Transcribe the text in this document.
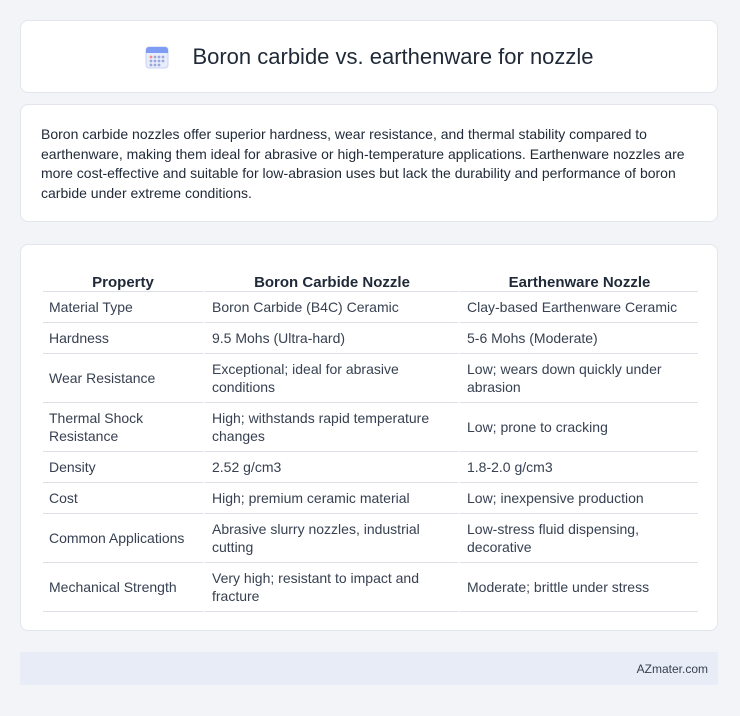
Boron carbide vs. earthenware for nozzle

Boron carbide nozzles offer superior hardness, wear resistance, and thermal stability compared to earthenware, making them ideal for abrasive or high-temperature applications. Earthenware nozzles are more cost-effective and suitable for low-abrasion uses but lack the durability and performance of boron carbide under extreme conditions.

Property	Boron Carbide Nozzle	Earthenware Nozzle
Material Type	Boron Carbide (B4C) Ceramic	Clay-based Earthenware Ceramic
Hardness	9.5 Mohs (Ultra-hard)	5-6 Mohs (Moderate)
Wear Resistance	Exceptional; ideal for abrasive conditions	Low; wears down quickly under abrasion
Thermal Shock Resistance	High; withstands rapid temperature changes	Low; prone to cracking
Density	2.52 g/cm3	1.8-2.0 g/cm3
Cost	High; premium ceramic material	Low; inexpensive production
Common Applications	Abrasive slurry nozzles, industrial cutting	Low-stress fluid dispensing, decorative
Mechanical Strength	Very high; resistant to impact and fracture	Moderate; brittle under stress
AZmater.com
